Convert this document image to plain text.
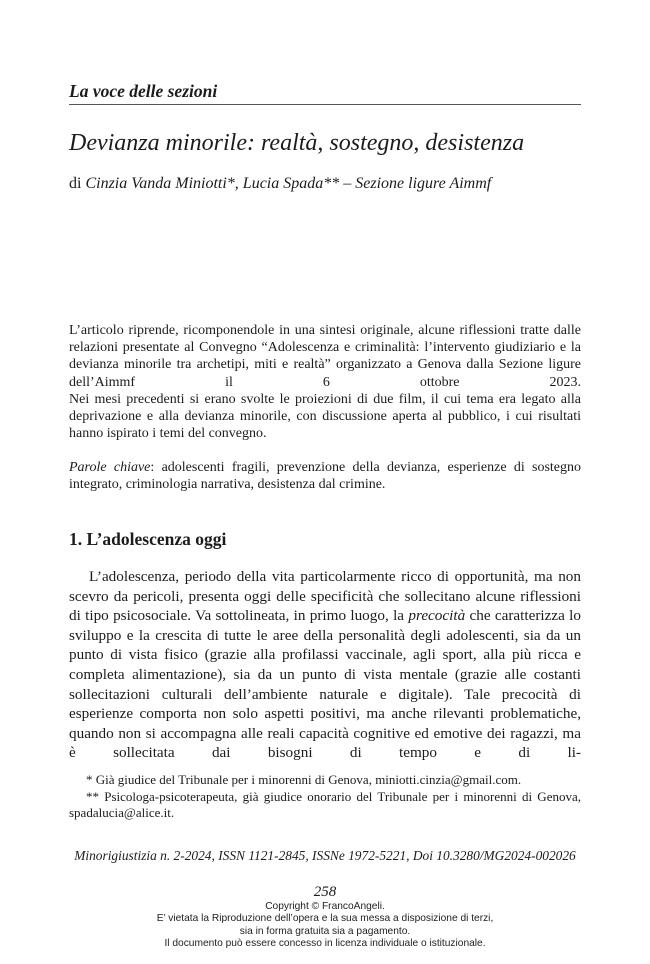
La voce delle sezioni
Devianza minorile: realtà, sostegno, desistenza
di Cinzia Vanda Miniotti*, Lucia Spada** – Sezione ligure Aimmf

L’articolo riprende, ricomponendole in una sintesi originale, alcune riflessioni tratte dalle relazioni presentate al Convegno “Adolescenza e criminalità: l’intervento giudiziario e la devianza minorile tra archetipi, miti e realtà” organizzato a Genova dalla Sezione ligure dell’Aimmf il 6 ottobre 2023.

Nei mesi precedenti si erano svolte le proiezioni di due film, il cui tema era legato alla deprivazione e alla devianza minorile, con discussione aperta al pubblico, i cui risultati hanno ispirato i temi del convegno.

Parole chiave: adolescenti fragili, prevenzione della devianza, esperienze di sostegno integrato, criminologia narrativa, desistenza dal crimine.

1. L’adolescenza oggi

L’adolescenza, periodo della vita particolarmente ricco di opportunità, ma non scevro da pericoli, presenta oggi delle specificità che sollecitano alcune riflessioni di tipo psicosociale. Va sottolineata, in primo luogo, la precocità che caratterizza lo sviluppo e la crescita di tutte le aree della personalità degli adolescenti, sia da un punto di vista fisico (grazie alla profilassi vaccinale, agli sport, alla più ricca e completa alimentazione), sia da un punto di vista mentale (grazie alle costanti sollecitazioni culturali dell’ambiente naturale e digitale). Tale precocità di esperienze comporta non solo aspetti positivi, ma anche rilevanti problematiche, quando non si accompagna alle reali capacità cognitive ed emotive dei ragazzi, ma è sollecitata dai bisogni di tempo e di li-

* Già giudice del Tribunale per i minorenni di Genova, miniotti.cinzia@gmail.com.

** Psicologa-psicoterapeuta, già giudice onorario del Tribunale per i minorenni di Genova, spadalucia@alice.it.

Minorigiustizia n. 2-2024, ISSN 1121-2845, ISSNe 1972-5221, Doi 10.3280/MG2024-002026
258
Copyright © FrancoAngeli.
E’ vietata la Riproduzione dell’opera e la sua messa a disposizione di terzi,
sia in forma gratuita sia a pagamento.
Il documento può essere concesso in licenza individuale o istituzionale.
